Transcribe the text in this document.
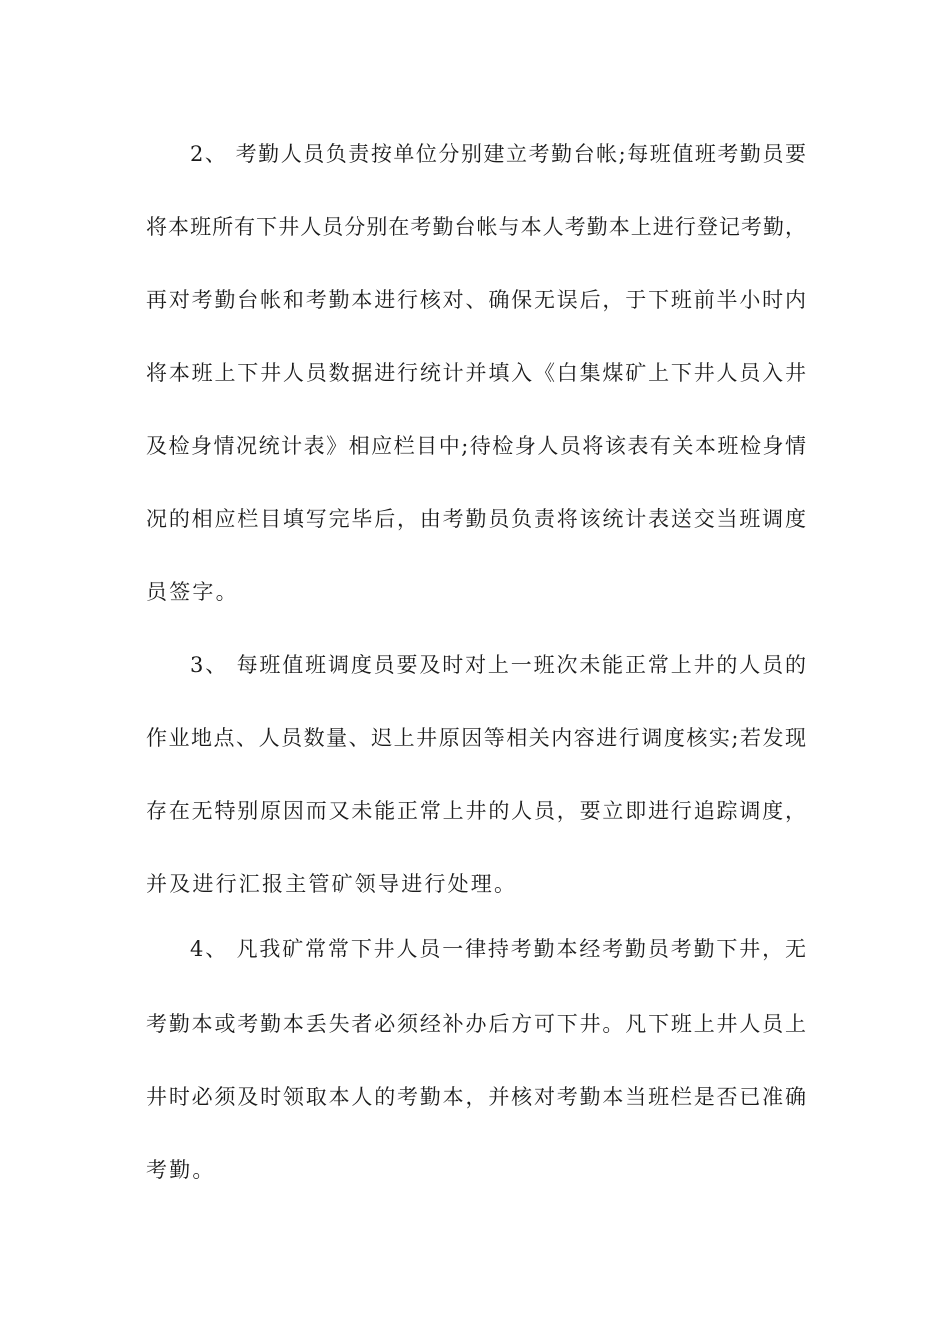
2、 考勤人员负责按单位分别建立考勤台帐;每班值班考勤员要
将本班所有下井人员分别在考勤台帐与本人考勤本上进行登记考勤，
再对考勤台帐和考勤本进行核对、确保无误后，于下班前半小时内
将本班上下井人员数据进行统计并填入《白集煤矿上下井人员入井
及检身情况统计表》相应栏目中;待检身人员将该表有关本班检身情
况的相应栏目填写完毕后，由考勤员负责将该统计表送交当班调度
员签字。
3、 每班值班调度员要及时对上一班次未能正常上井的人员的
作业地点、人员数量、迟上井原因等相关内容进行调度核实;若发现
存在无特别原因而又未能正常上井的人员，要立即进行追踪调度，
并及进行汇报主管矿领导进行处理。
4、 凡我矿常常下井人员一律持考勤本经考勤员考勤下井，无
考勤本或考勤本丢失者必须经补办后方可下井。凡下班上井人员上
井时必须及时领取本人的考勤本，并核对考勤本当班栏是否已准确
考勤。
